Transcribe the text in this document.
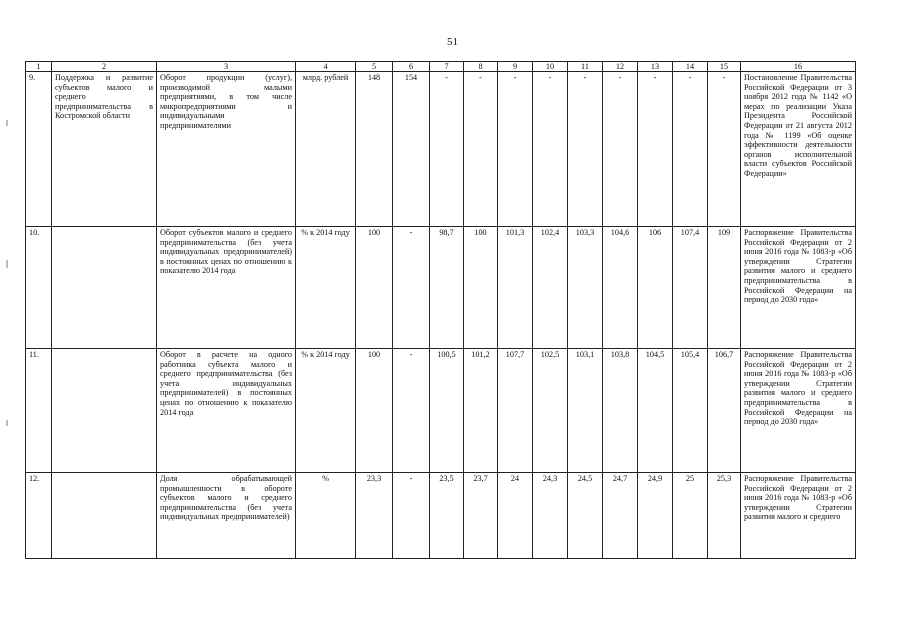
51
1	2	3	4	5	6	7	8	9	10	11	12	13	14	15	16
9.	Поддержка и развитие субъектов малого и среднего предпринимательства в Костромской области	Оборот продукции (услуг), производимой малыми предприятиями, в том числе микропредприятиями и индивидуальными предпринимателями	млрд. рублей	148	154	-	-	-	-	-	-	-	-	-	Постановление Правительства Российской Федерации от 3 ноября 2012 года № 1142 «О мерах по реализации Указа Президента Российской Федерации от 21 августа 2012 года № 1199 «Об оценке эффективности деятельности органов исполнительной власти субъектов Российской Федерации»
10.		Оборот субъектов малого и среднего предпринимательства (без учета индивидуальных предпринимателей) в постоянных ценах по отношению к показателю 2014 года	% к 2014 году	100	-	98,7	100	101,3	102,4	103,3	104,6	106	107,4	109	Распоряжение Правительства Российской Федерации от 2 июня 2016 года № 1083-р «Об утверждении Стратегии развития малого и среднего предпринимательства в Российской Федерации на период до 2030 года»
11.		Оборот в расчете на одного работника субъекта малого и среднего предпринимательства (без учета индивидуальных предпринимателей) в постоянных ценах по отношению к показателю 2014 года	% к 2014 году	100	-	100,5	101,2	107,7	102,5	103,1	103,8	104,5	105,4	106,7	Распоряжение Правительства Российской Федерации от 2 июня 2016 года № 1083-р «Об утверждении Стратегии развития малого и среднего предпринимательства в Российской Федерации на период до 2030 года»
12.		Доля обрабатывающей промышленности в обороте субъектов малого и среднего предпринимательства (без учета индивидуальных предпринимателей)	%	23,3	-	23,5	23,7	24	24,3	24,5	24,7	24,9	25	25,3	Распоряжение Правительства Российской Федерации от 2 июня 2016 года № 1083-р «Об утверждении Стратегии развития малого и среднего
